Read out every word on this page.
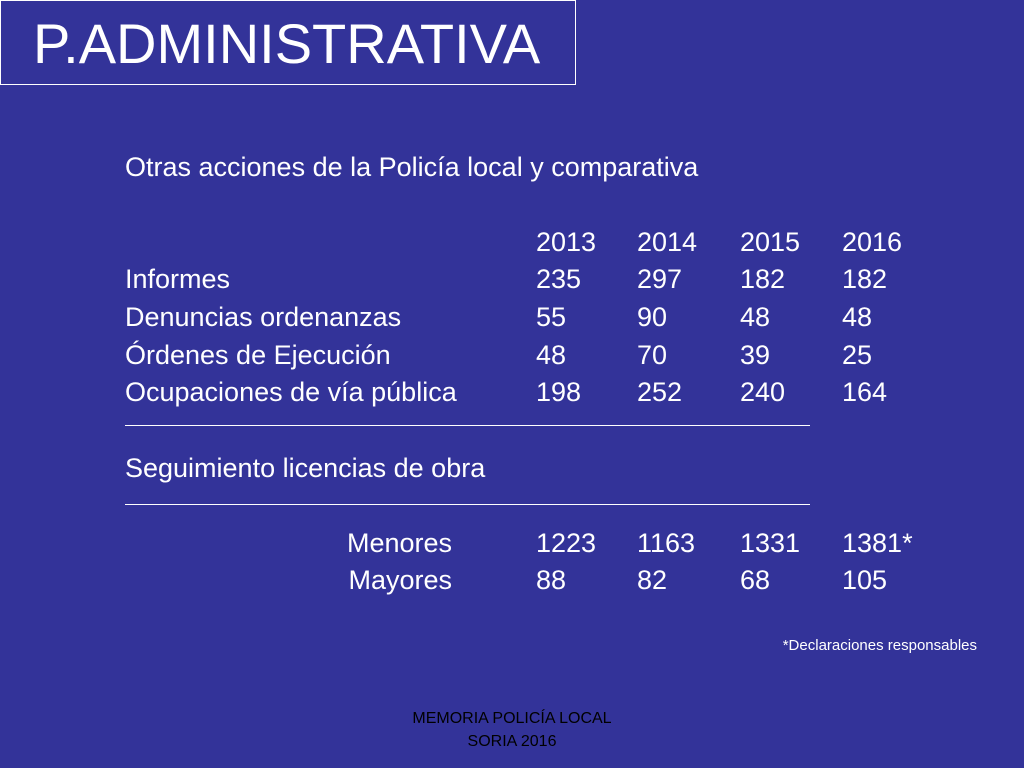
P.ADMINISTRATIVA
Otras acciones de la Policía local y comparativa
2013 2014 2015 2016
Informes	235 297 182 182
Denuncias ordenanzas	55	90	48	48
Órdenes de Ejecución	48	70	39	25
Ocupaciones de vía pública	198 252 240 164
Seguimiento licencias de obra
Menores	1223 1163 1331 1381*
Mayores	88	82	68	105
*Declaraciones responsables
MEMORIA POLICÍA LOCAL
SORIA 2016
